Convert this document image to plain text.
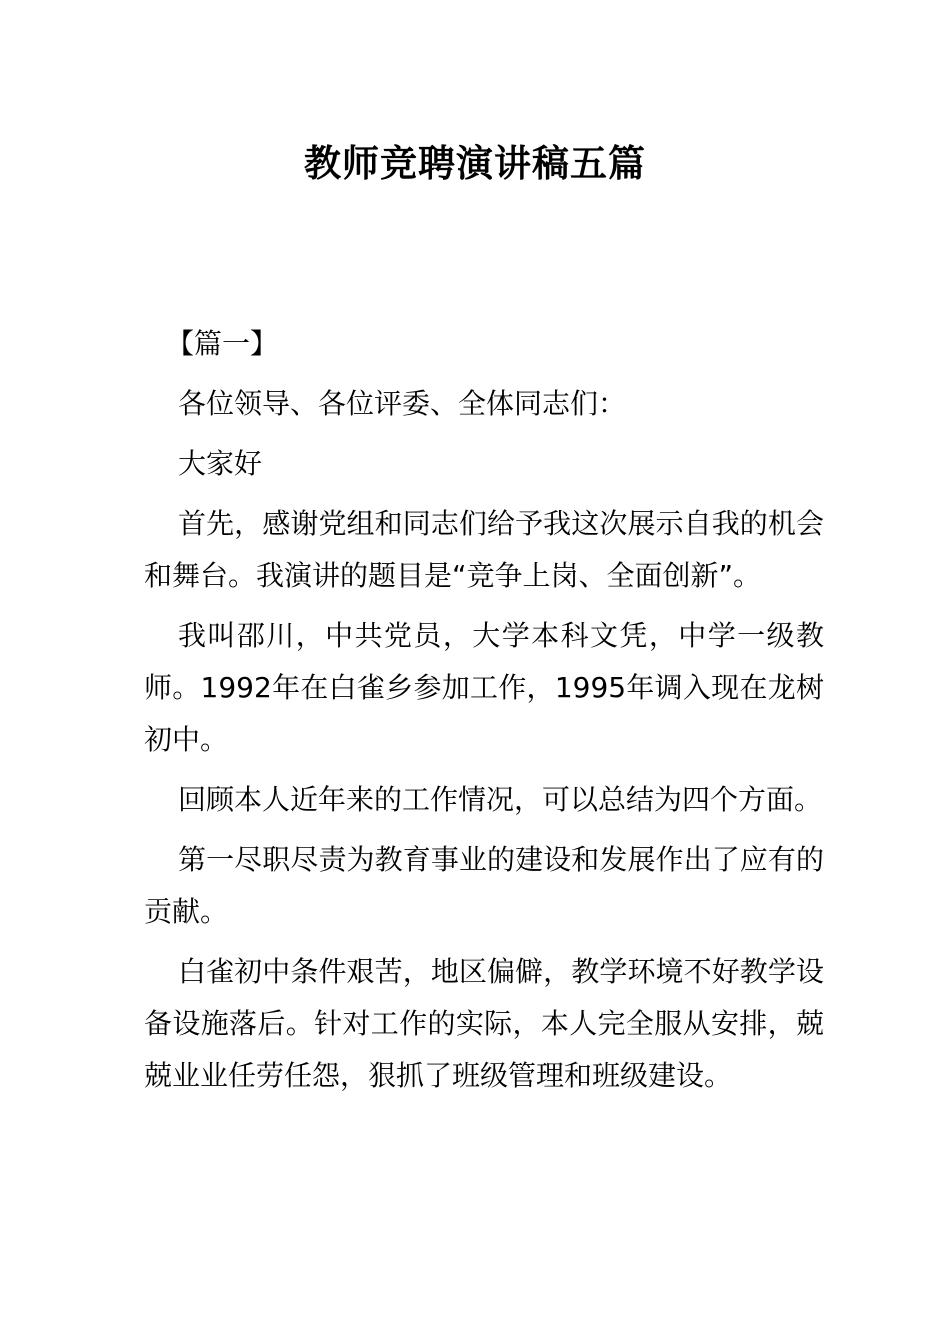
教师竞聘演讲稿五篇

【篇一】

各位领导、各位评委、全体同志们：

大家好

首先，感谢党组和同志们给予我这次展示自我的机会和舞台。我演讲的题目是“竞争上岗、全面创新”。

我叫邵川，中共党员，大学本科文凭，中学一级教师。1992年在白雀乡参加工作，1995年调入现在龙树初中。

回顾本人近年来的工作情况，可以总结为四个方面。

第一尽职尽责为教育事业的建设和发展作出了应有的贡献。

白雀初中条件艰苦，地区偏僻，教学环境不好教学设备设施落后。针对工作的实际，本人完全服从安排，兢兢业业任劳任怨，狠抓了班级管理和班级建设。
